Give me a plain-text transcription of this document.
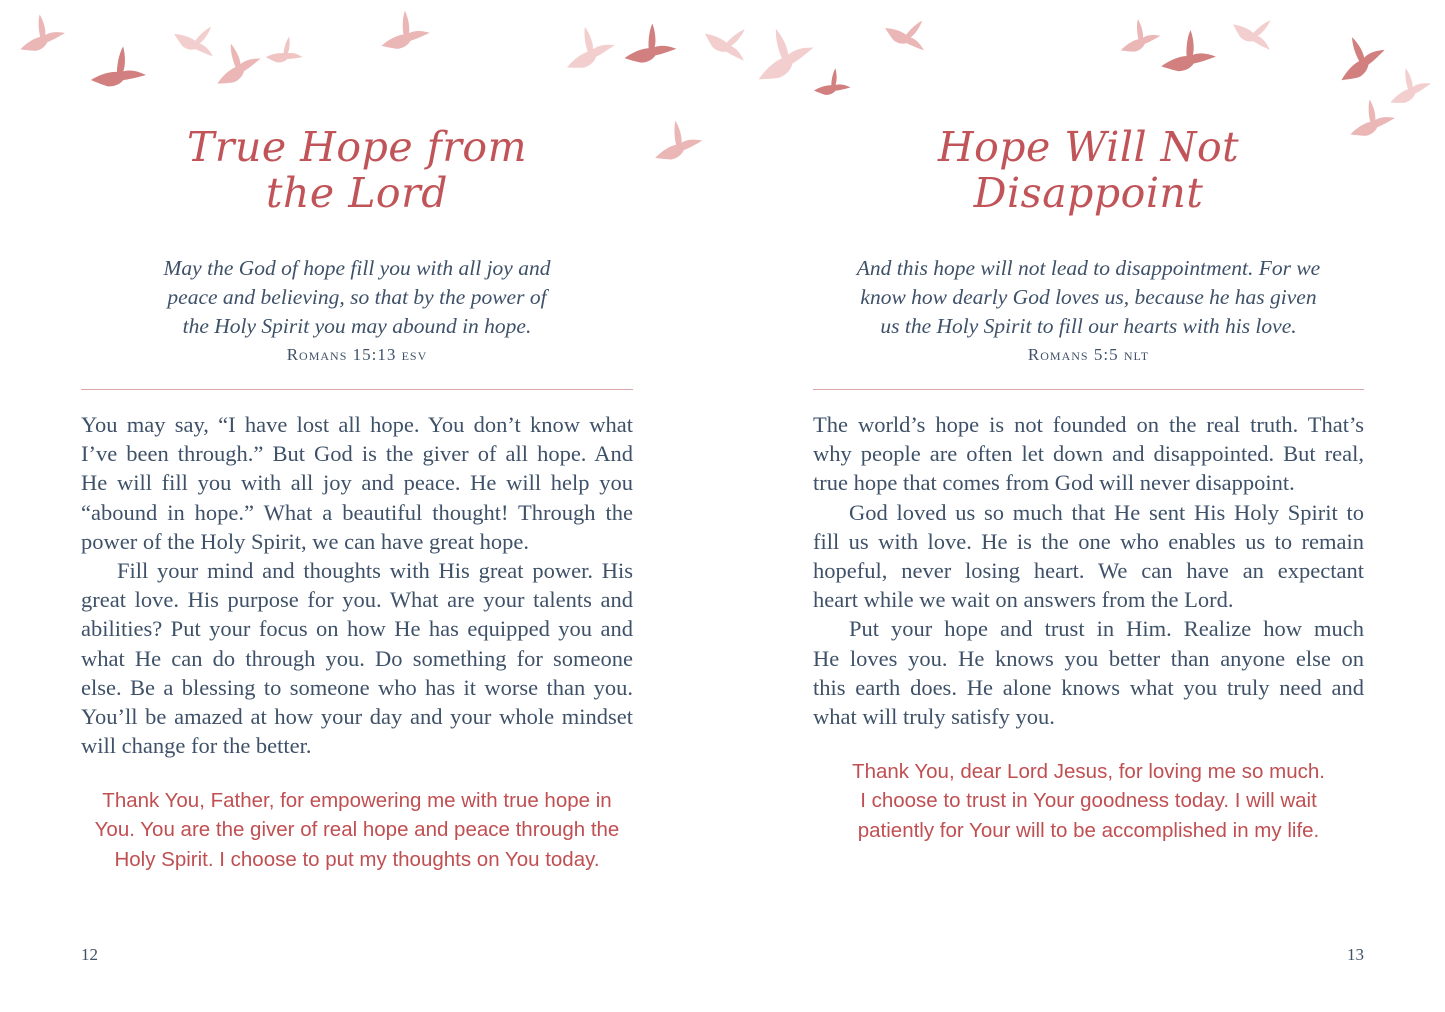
True Hope from
the Lord
May the God of hope fill you with all joy and
peace and believing, so that by the power of
the Holy Spirit you may abound in hope.
Romans 15:13 esv
You may say, “I have lost all hope. You don’t know what
I’ve been through.” But God is the giver of all hope. And
He will fill you with all joy and peace. He will help you
“abound in hope.” What a beautiful thought! Through the
power of the Holy Spirit, we can have great hope.
Fill your mind and thoughts with His great power. His
great love. His purpose for you. What are your talents and
abilities? Put your focus on how He has equipped you and
what He can do through you. Do something for someone
else. Be a blessing to someone who has it worse than you.
You’ll be amazed at how your day and your whole mindset
will change for the better.
Thank You, Father, for empowering me with true hope in
You. You are the giver of real hope and peace through the
Holy Spirit. I choose to put my thoughts on You today.
12
Hope Will Not
Disappoint
And this hope will not lead to disappointment. For we
know how dearly God loves us, because he has given
us the Holy Spirit to fill our hearts with his love.
Romans 5:5 nlt
The world’s hope is not founded on the real truth. That’s
why people are often let down and disappointed. But real,
true hope that comes from God will never disappoint.
God loved us so much that He sent His Holy Spirit to
fill us with love. He is the one who enables us to remain
hopeful, never losing heart. We can have an expectant
heart while we wait on answers from the Lord.
Put your hope and trust in Him. Realize how much
He loves you. He knows you better than anyone else on
this earth does. He alone knows what you truly need and
what will truly satisfy you.
Thank You, dear Lord Jesus, for loving me so much.
I choose to trust in Your goodness today. I will wait
patiently for Your will to be accomplished in my life.
13
